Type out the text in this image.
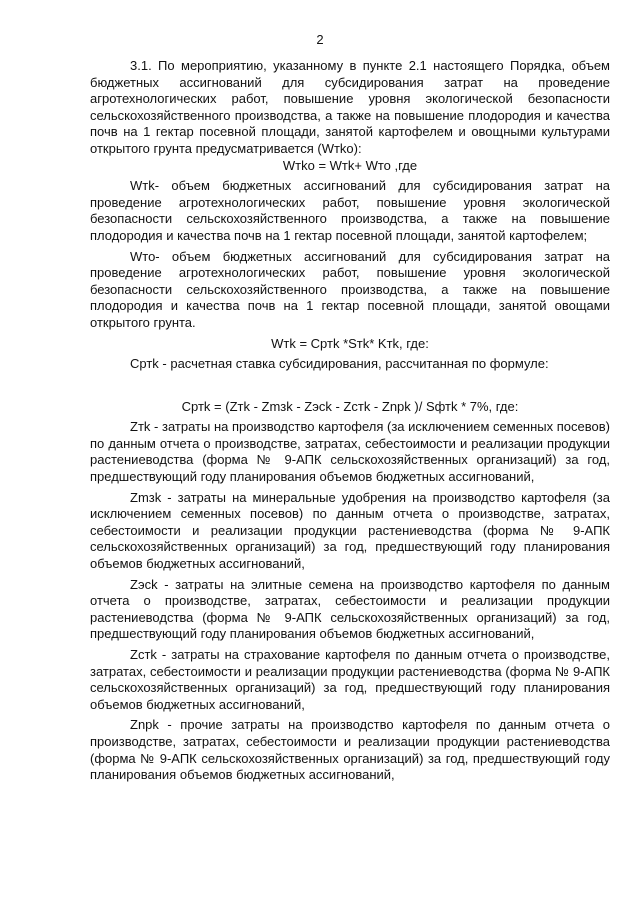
2

3.1. По мероприятию, указанному в пункте 2.1 настоящего Порядка, объем бюджетных ассигнований для субсидирования затрат на проведение агротехнологических работ, повышение уровня экологической безопасности сельскохозяйственного производства, а также на повышение плодородия и качества почв на 1 гектар посевной площади, занятой картофелем и овощными культурами открытого грунта предусматривается (Wтko):

Wтko = Wтk+ Wто ,где

Wтk- объем бюджетных ассигнований для субсидирования затрат на проведение агротехнологических работ, повышение уровня экологической безопасности сельскохозяйственного производства, а также на повышение плодородия и качества почв на 1 гектар посевной площади, занятой картофелем;

Wто- объем бюджетных ассигнований для субсидирования затрат на проведение агротехнологических работ, повышение уровня экологической безопасности сельскохозяйственного производства, а также на повышение плодородия и качества почв на 1 гектар посевной площади, занятой овощами открытого грунта.

Wтk = Cртk *Sтk* Kтk, где:

Cртk - расчетная ставка субсидирования, рассчитанная по формуле:

Cртk = (Zтk - Zmзk - Zэсk - Zcтk - Znрk )/ Sфтk * 7%, где:

Zтk - затраты на производство картофеля (за исключением семенных посевов) по данным отчета о производстве, затратах, себестоимости и реализации продукции растениеводства (форма № 9-АПК сельскохозяйственных организаций) за год, предшествующий году планирования объемов бюджетных ассигнований,

Zmзk - затраты на минеральные удобрения на производство картофеля (за исключением семенных посевов) по данным отчета о производстве, затратах, себестоимости и реализации продукции растениеводства (форма № 9-АПК сельскохозяйственных организаций) за год, предшествующий году планирования объемов бюджетных ассигнований,

Zэсk - затраты на элитные семена на производство картофеля по данным отчета о производстве, затратах, себестоимости и реализации продукции растениеводства (форма № 9-АПК сельскохозяйственных организаций) за год, предшествующий году планирования объемов бюджетных ассигнований,

Zcтk - затраты на страхование картофеля по данным отчета о производстве, затратах, себестоимости и реализации продукции растениеводства (форма № 9-АПК сельскохозяйственных организаций) за год, предшествующий году планирования объемов бюджетных ассигнований,

Znрk - прочие затраты на производство картофеля по данным отчета о производстве, затратах, себестоимости и реализации продукции растениеводства (форма № 9-АПК сельскохозяйственных организаций) за год, предшествующий году планирования объемов бюджетных ассигнований,
